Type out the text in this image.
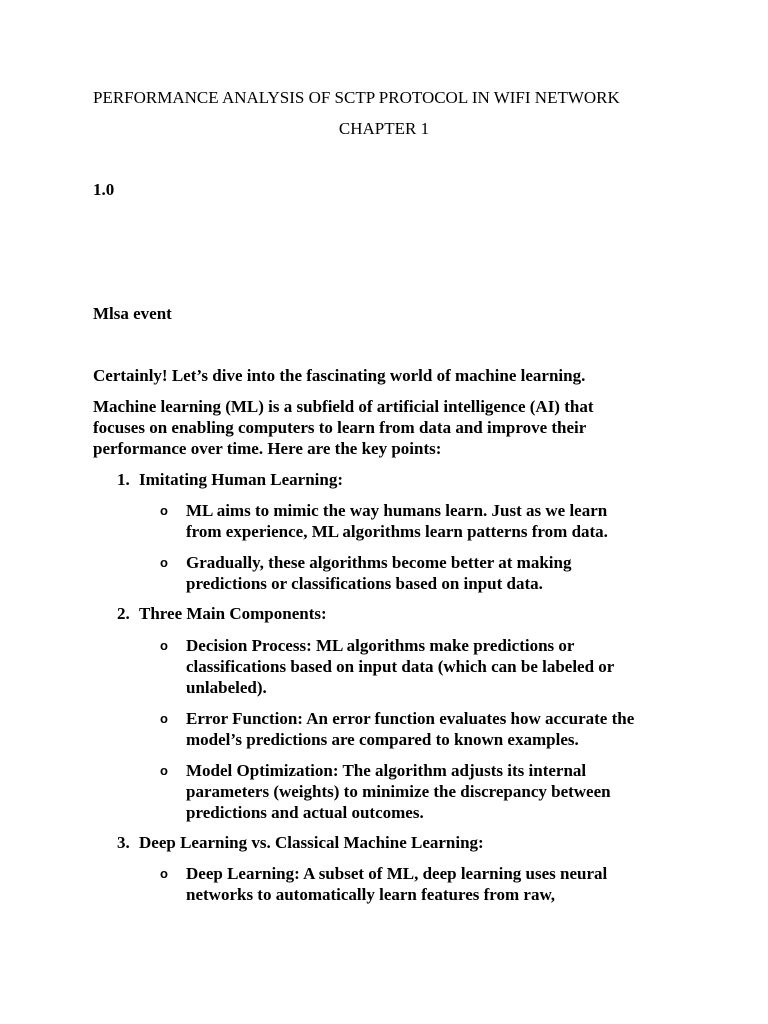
PERFORMANCE ANALYSIS OF SCTP PROTOCOL IN WIFI NETWORK
CHAPTER 1
1.0
Mlsa event
Certainly! Let’s dive into the fascinating world of machine learning.
Machine learning (ML) is a subfield of artificial intelligence (AI) that
focuses on enabling computers to learn from data and improve their
performance over time. Here are the key points:
1. Imitating Human Learning:
o ML aims to mimic the way humans learn. Just as we learn
from experience, ML algorithms learn patterns from data.
o Gradually, these algorithms become better at making
predictions or classifications based on input data.
2. Three Main Components:
o Decision Process: ML algorithms make predictions or
classifications based on input data (which can be labeled or
unlabeled).
o Error Function: An error function evaluates how accurate the
model’s predictions are compared to known examples.
o Model Optimization: The algorithm adjusts its internal
parameters (weights) to minimize the discrepancy between
predictions and actual outcomes.
3. Deep Learning vs. Classical Machine Learning:
o Deep Learning: A subset of ML, deep learning uses neural
networks to automatically learn features from raw,
